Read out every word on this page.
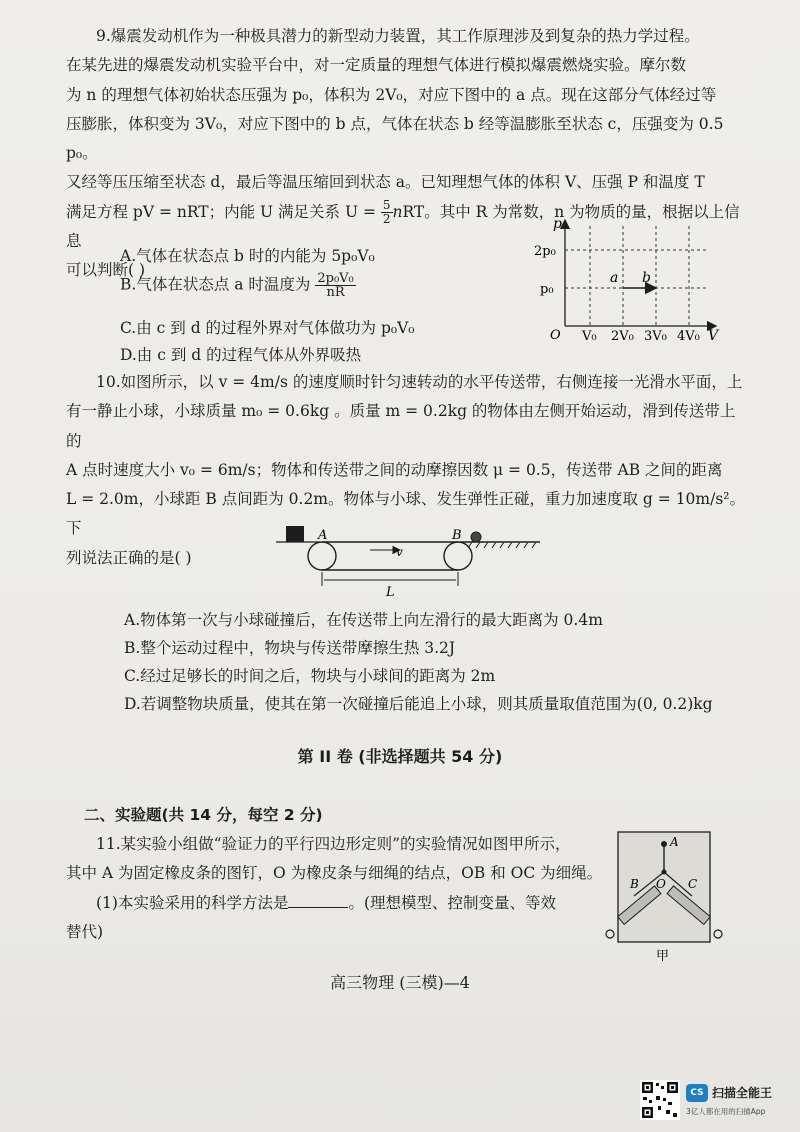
9.爆震发动机作为一种极具潜力的新型动力装置，其工作原理涉及到复杂的热力学过程。

在某先进的爆震发动机实验平台中，对一定质量的理想气体进行模拟爆震燃烧实验。摩尔数

为 n 的理想气体初始状态压强为 p₀，体积为 2V₀，对应下图中的 a 点。现在这部分气体经过等

压膨胀，体积变为 3V₀，对应下图中的 b 点，气体在状态 b 经等温膨胀至状态 c，压强变为 0.5 p₀。

又经等压压缩至状态 d，最后等温压缩回到状态 a。已知理想气体的体积 V、压强 P 和温度 T

满足方程 pV = nRT；内能 U 满足关系 $U = \frac{5}{2}$ nRT。其中 R 为常数，n 为物质的量，根据以上信息

可以判断( )

A.气体在状态点 b 时的内能为 5p₀V₀
B.气体在状态点 a 时温度为 $\frac{\text{2p₀V₀}}{nR}$
C.由 c 到 d 的过程外界对气体做功为 p₀V₀
D.由 c 到 d 的过程气体从外界吸热
p
V
O
2p₀
p₀
V₀ 2V₀ 3V₀ 4V₀
a b

10.如图所示，以 v = 4m/s 的速度顺时针匀速转动的水平传送带，右侧连接一光滑水平面，上

有一静止小球，小球质量 m₀ = 0.6kg 。质量 m = 0.2kg 的物体由左侧开始运动，滑到传送带上的

A 点时速度大小 v₀ = 6m/s；物体和传送带之间的动摩擦因数 μ = 0.5，传送带 AB 之间的距离

L = 2.0m，小球距 B 点间距为 0.2m。物体与小球、发生弹性正碰，重力加速度取 g = 10m/s²。下

列说法正确的是( )

A	B
v
L
A.物体第一次与小球碰撞后，在传送带上向左滑行的最大距离为 0.4m
B.整个运动过程中，物块与传送带摩擦生热 3.2J
C.经过足够长的时间之后，物块与小球间的距离为 2m
D.若调整物块质量，使其在第一次碰撞后能追上小球，则其质量取值范围为(0, 0.2)kg
第 II 卷 (非选择题共 54 分)
二、实验题(共 14 分，每空 2 分)

11.某实验小组做“验证力的平行四边形定则”的实验情况如图甲所示，

其中 A 为固定橡皮条的图钉，O 为橡皮条与细绳的结点，OB 和 OC 为细绳。

(1)本实验采用的科学方法是	。(理想模型、控制变量、等效

替代)

A
B O C
甲
高三物理 (三模)—4
CS 扫描全能王
3亿人都在用的扫描App
